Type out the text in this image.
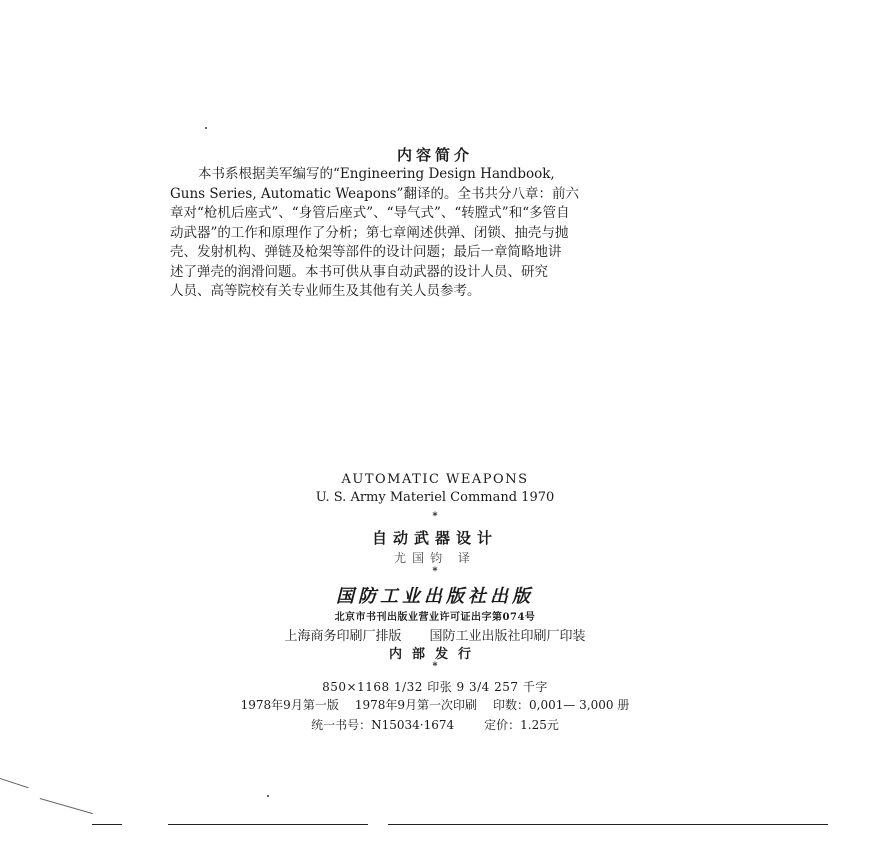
内容简介
本书系根据美军编写的“Engineering Design Handbook,
Guns Series, Automatic Weapons”翻译的。全书共分八章：前六
章对“枪机后座式”、“身管后座式”、“导气式”、“转膛式”和“多管自
动武器”的工作和原理作了分析；第七章阐述供弹、闭锁、抽壳与抛
壳、发射机构、弹链及枪架等部件的设计问题；最后一章简略地讲
述了弹壳的润滑问题。本书可供从事自动武器的设计人员、研究
人员、高等院校有关专业师生及其他有关人员参考。
AUTOMATIC WEAPONS
U. S. Army Materiel Command 1970
*
自动武器设计
尤国钧 译
*
国防工业出版社出版
北京市书刊出版业营业许可证出字第074号
上海商务印刷厂排版 国防工业出版社印刷厂印装
内部发行
*
850×1168 1/32 印张 9 3/4 257 千字
1978年9月第一版 1978年9月第一次印刷 印数：0,001— 3,000 册
统一书号：N15034·1674	定价：1.25元
